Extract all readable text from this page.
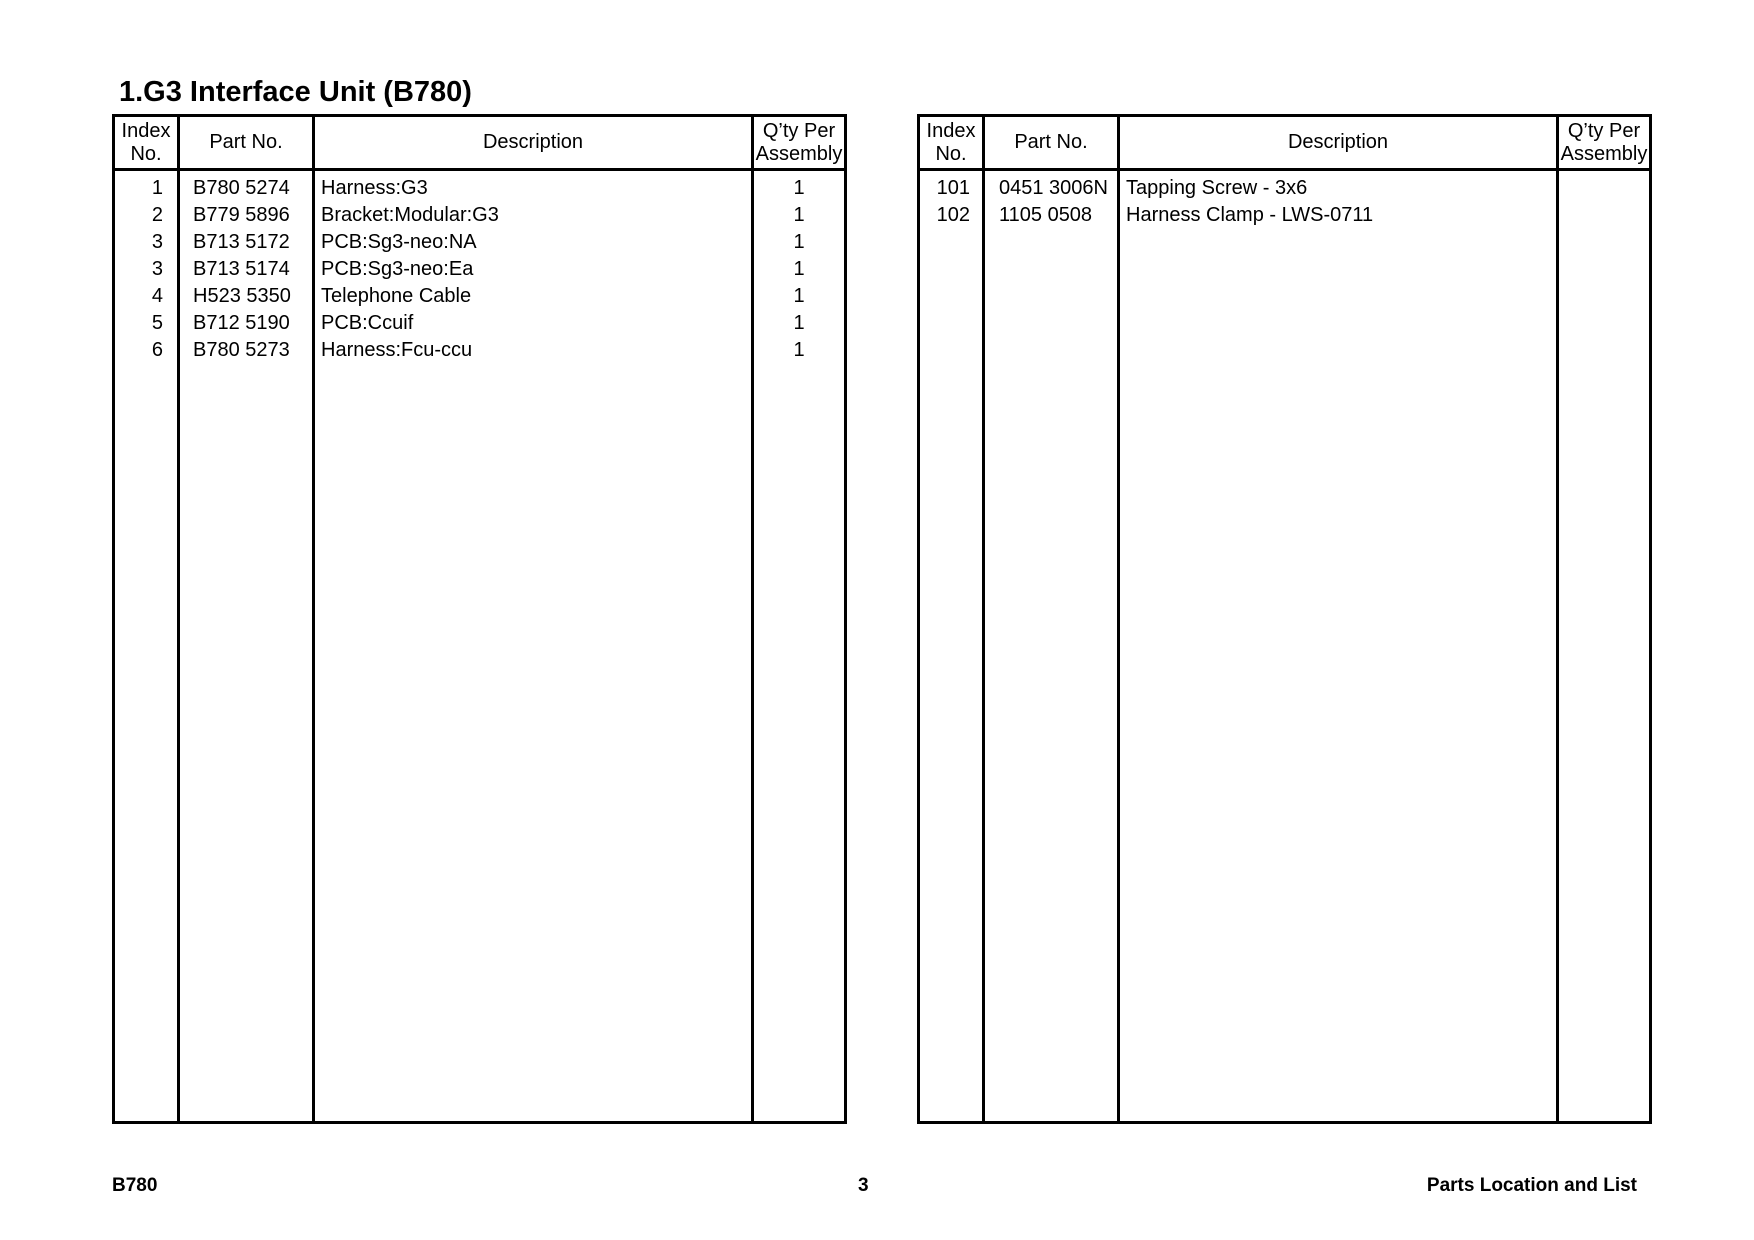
1.G3 Interface Unit (B780)
Index
No.	Part No.	Description	Q’ty Per
Assembly
1	B780 5274	Harness:G3	1
2	B779 5896	Bracket:Modular:G3	1
3	B713 5172	PCB:Sg3-neo:NA	1
3	B713 5174	PCB:Sg3-neo:Ea	1
4	H523 5350	Telephone Cable	1
5	B712 5190	PCB:Ccuif	1
6	B780 5273	Harness:Fcu-ccu	1

Index
No.	Part No.	Description	Q’ty Per
Assembly
101	0451 3006N	Tapping Screw - 3x6	
102	1105 0508	Harness Clamp - LWS-0711	

B780	3	Parts Location and List
